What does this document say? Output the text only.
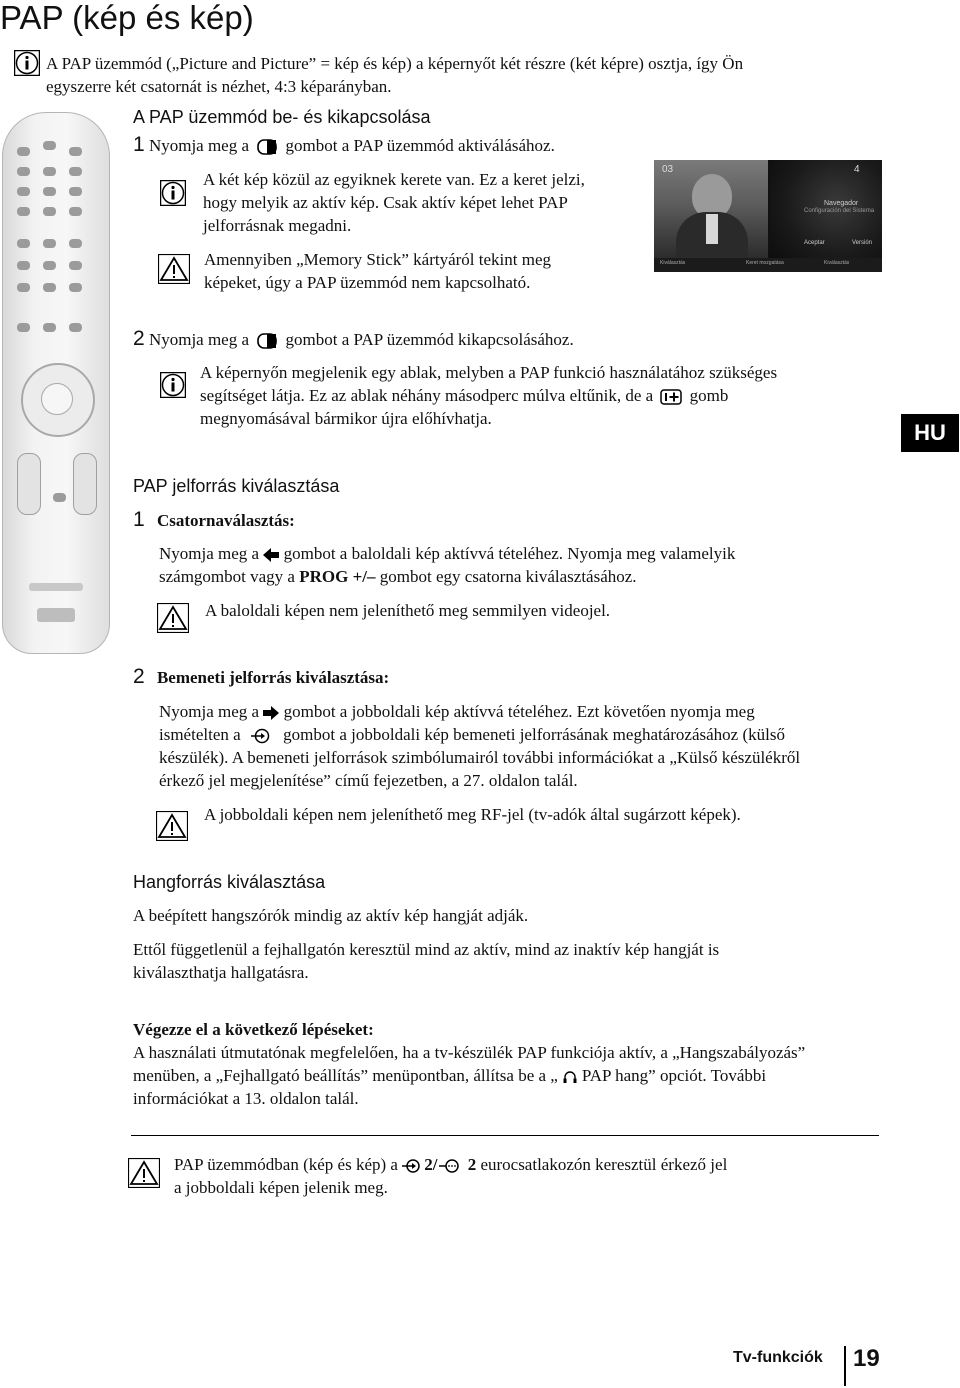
PAP (kép és kép)
A PAP üzemmód („Picture and Picture” = kép és kép) a képernyőt két részre (két képre) osztja, így Ön
egyszerre két csatornát is nézhet, 4:3 képarányban.
A PAP üzemmód be- és kikapcsolása
1 Nyomja meg a gombot a PAP üzemmód aktiválásához.
A két kép közül az egyiknek kerete van. Ez a keret jelzi,
hogy melyik az aktív kép. Csak aktív képet lehet PAP
jelforrásnak megadni.
Amennyiben „Memory Stick” kártyáról tekint meg
képeket, úgy a PAP üzemmód nem kapcsolható.
03	4
Navegador
Configuración del Sistema
Aceptar	Versión
Kiválasztás	Keret mozgatása	Kiválasztás
2 Nyomja meg a gombot a PAP üzemmód kikapcsolásához.
A képernyőn megjelenik egy ablak, melyben a PAP funkció használatához szükséges
segítséget látja. Ez az ablak néhány másodperc múlva eltűnik, de a gomb
megnyomásával bármikor újra előhívhatja.
HU
PAP jelforrás kiválasztása
1 Csatornaválasztás:
Nyomja meg a gombot a baloldali kép aktívvá tételéhez. Nyomja meg valamelyik
számgombot vagy a PROG +/– gombot egy csatorna kiválasztásához.
A baloldali képen nem jeleníthető meg semmilyen videojel.
2 Bemeneti jelforrás kiválasztása:
Nyomja meg a gombot a jobboldali kép aktívvá tételéhez. Ezt követően nyomja meg
ismételten a	gombot a jobboldali kép bemeneti jelforrásának meghatározásához (külső
készülék). A bemeneti jelforrások szimbólumairól további információkat a „Külső készülékről
érkező jel megjelenítése” című fejezetben, a 27. oldalon talál.
A jobboldali képen nem jeleníthető meg RF-jel (tv-adók által sugárzott képek).
Hangforrás kiválasztása
A beépített hangszórók mindig az aktív kép hangját adják.
Ettől függetlenül a fejhallgatón keresztül mind az aktív, mind az inaktív kép hangját is
kiválaszthatja hallgatásra.
Végezze el a következő lépéseket:
A használati útmutatónak megfelelően, ha a tv-készülék PAP funkciója aktív, a „Hangszabályozás”
menüben, a „Fejhallgató beállítás” menüpontban, állítsa be a „ PAP hang” opciót. További
információkat a 13. oldalon talál.
PAP üzemmódban (kép és kép) a 2/ 2 eurocsatlakozón keresztül érkező jel
a jobboldali képen jelenik meg.
Tv-funkciók 19
